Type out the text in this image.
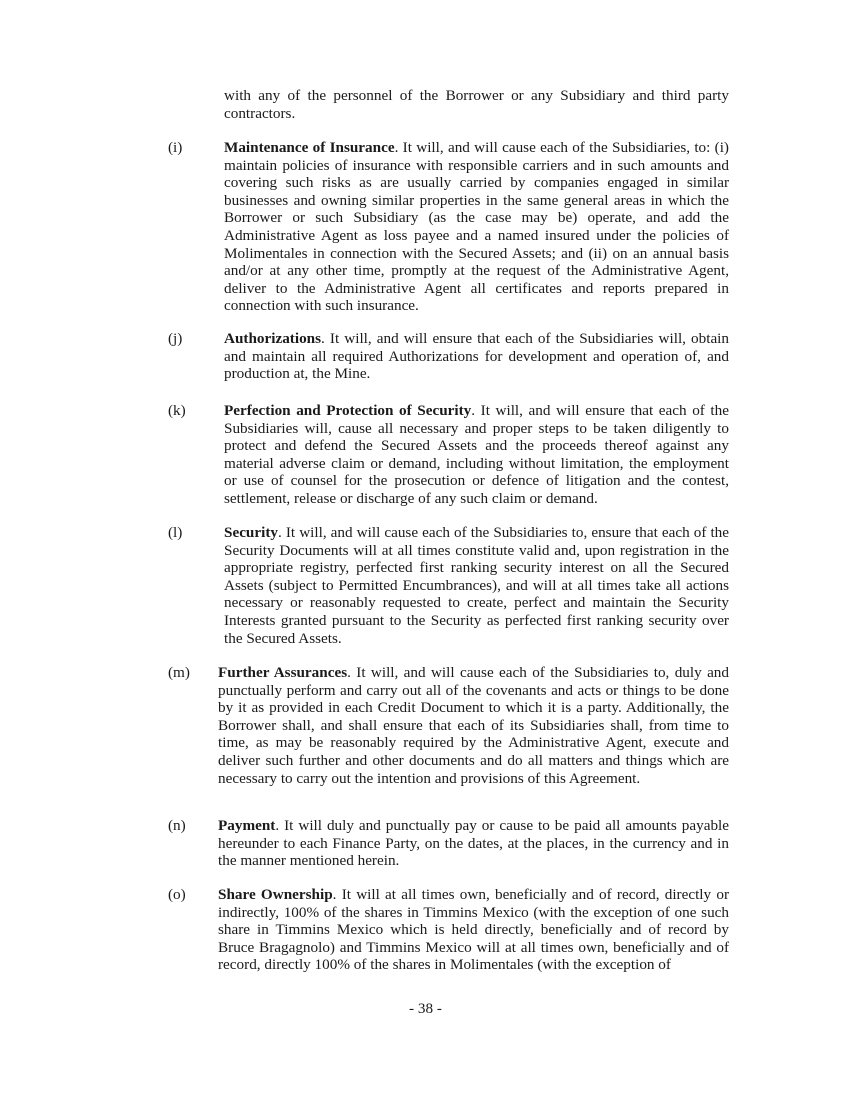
with any of the personnel of the Borrower or any Subsidiary and third party contractors.
(i)	Maintenance of Insurance. It will, and will cause each of the Subsidiaries, to: (i) maintain policies of insurance with responsible carriers and in such amounts and covering such risks as are usually carried by companies engaged in similar businesses and owning similar properties in the same general areas in which the Borrower or such Subsidiary (as the case may be) operate, and add the Administrative Agent as loss payee and a named insured under the policies of Molimentales in connection with the Secured Assets; and (ii) on an annual basis and/or at any other time, promptly at the request of the Administrative Agent, deliver to the Administrative Agent all certificates and reports prepared in connection with such insurance.
(j)	Authorizations. It will, and will ensure that each of the Subsidiaries will, obtain and maintain all required Authorizations for development and operation of, and production at, the Mine.
(k)	Perfection and Protection of Security. It will, and will ensure that each of the Subsidiaries will, cause all necessary and proper steps to be taken diligently to protect and defend the Secured Assets and the proceeds thereof against any material adverse claim or demand, including without limitation, the employment or use of counsel for the prosecution or defence of litigation and the contest, settlement, release or discharge of any such claim or demand.
(l)	Security. It will, and will cause each of the Subsidiaries to, ensure that each of the Security Documents will at all times constitute valid and, upon registration in the appropriate registry, perfected first ranking security interest on all the Secured Assets (subject to Permitted Encumbrances), and will at all times take all actions necessary or reasonably requested to create, perfect and maintain the Security Interests granted pursuant to the Security as perfected first ranking security over the Secured Assets.
(m)	Further Assurances. It will, and will cause each of the Subsidiaries to, duly and punctually perform and carry out all of the covenants and acts or things to be done by it as provided in each Credit Document to which it is a party. Additionally, the Borrower shall, and shall ensure that each of its Subsidiaries shall, from time to time, as may be reasonably required by the Administrative Agent, execute and deliver such further and other documents and do all matters and things which are necessary to carry out the intention and provisions of this Agreement.
(n)	Payment. It will duly and punctually pay or cause to be paid all amounts payable hereunder to each Finance Party, on the dates, at the places, in the currency and in the manner mentioned herein.
(o)	Share Ownership. It will at all times own, beneficially and of record, directly or indirectly, 100% of the shares in Timmins Mexico (with the exception of one such share in Timmins Mexico which is held directly, beneficially and of record by Bruce Bragagnolo) and Timmins Mexico will at all times own, beneficially and of record, directly 100% of the shares in Molimentales (with the exception of
- 38 -
